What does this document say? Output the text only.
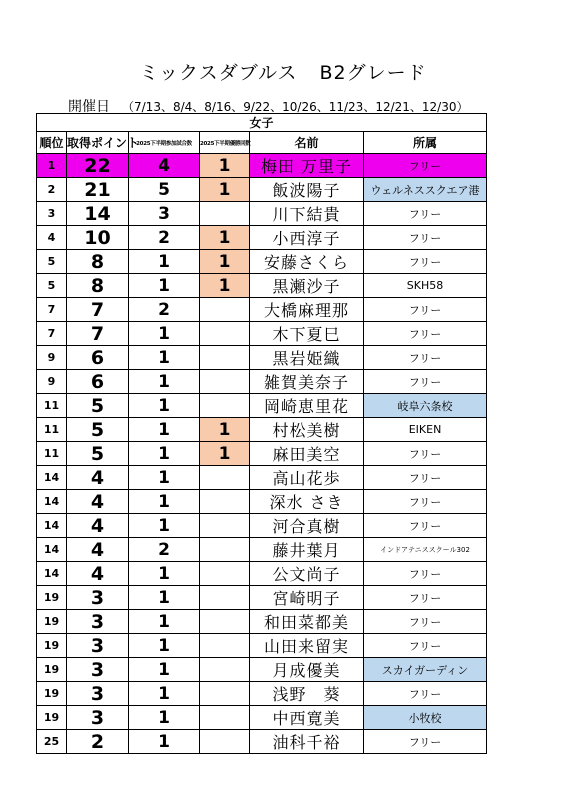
ミックスダブルス B2グレード
開催日 （7/13、8/4、8/16、9/22、10/26、11/23、12/21、12/30）
女子					
順位	取得ポイント	2025下半期参加試合数	2025下半期優勝回数	名前	所属
1	22	4	1	梅田 万里子	フリー
2	21	5	1	飯波陽子	ウェルネススクエア港
3	14	3		川下結貴	フリー
4	10	2	1	小西淳子	フリー
5	8	1	1	安藤さくら	フリー
5	8	1	1	黒瀬沙子	SKH58
7	7	2		大橋麻理那	フリー
7	7	1		木下夏巳	フリー
9	6	1		黒岩姫織	フリー
9	6	1		雑賀美奈子	フリー
11	5	1		岡崎恵里花	岐阜六条校
11	5	1	1	村松美樹	EIKEN
11	5	1	1	麻田美空	フリー
14	4	1		高山花歩	フリー
14	4	1		深水 さき	フリー
14	4	1		河合真樹	フリー
14	4	2		藤井葉月	インドアテニススクール302
14	4	1		公文尚子	フリー
19	3	1		宮崎明子	フリー
19	3	1		和田菜都美	フリー
19	3	1		山田来留実	フリー
19	3	1		月成優美	スカイガーディン
19	3	1		浅野　葵	フリー
19	3	1		中西寛美	小牧校
25	2	1		油科千裕	フリー
